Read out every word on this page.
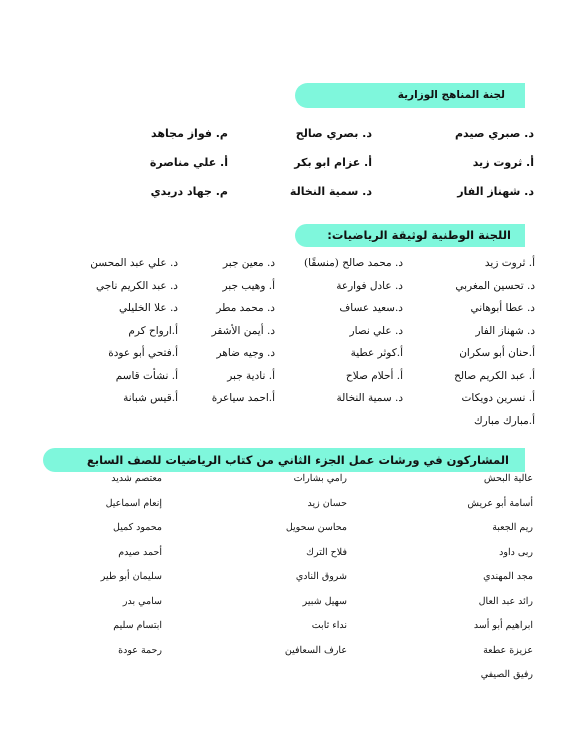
لجنة المناهج الوزارية
د. صبري صيدم
أ. ثروت زيد
د. شهناز الفار
د. بصري صالح
أ. عزام ابو بكر
د. سمية النخالة
م. فواز مجاهد
أ. علي مناصرة
م. جهاد دريدي
اللجنة الوطنية لوثيقة الرياضيات:
أ. ثروت زيد
د. تحسين المغربي
د. عطا أبوهاني
د. شهناز الفار
أ.حنان أبو سكران
أ. عبد الكريم صالح
أ. نسرين دويكات
أ.مبارك مبارك
د. محمد صالح (منسقًا)
د. عادل فوارعة
د.سعيد عساف
د. علي نصار
أ.كوثر عطية
أ. أحلام صلاح
د. سمية النخالة
د. معين جبر
أ. وهيب جبر
د. محمد مطر
د. أيمن الأشقر
د. وجيه ضاهر
أ. نادية جبر
أ.احمد سياعرة
د. علي عبد المحسن
د. عبد الكريم ناجي
د. علا الخليلي
أ.ارواح كرم
أ.فتحي أبو عودة
أ. نشأت قاسم
أ.قيس شبانة
المشاركون في ورشات عمل الجزء الثاني من كتاب الرياضيات للصف السابع
عالية البحش
أسامة أبو عريش
ريم الجعبة
ربى داود
مجد المهندي
رائد عبد العال
ابراهيم أبو أسد
عزيزة عطعة
رفيق الصيفي
رامي بشارات
حسان زيد
محاسن سحويل
فلاح الترك
شروق النادي
سهيل شبير
نداء ثابت
عارف السعافين
معتصم شديد
إنعام اسماعيل
محمود كميل
أحمد صيدم
سليمان أبو طير
سامي بدر
ابتسام سليم
رحمة عودة
